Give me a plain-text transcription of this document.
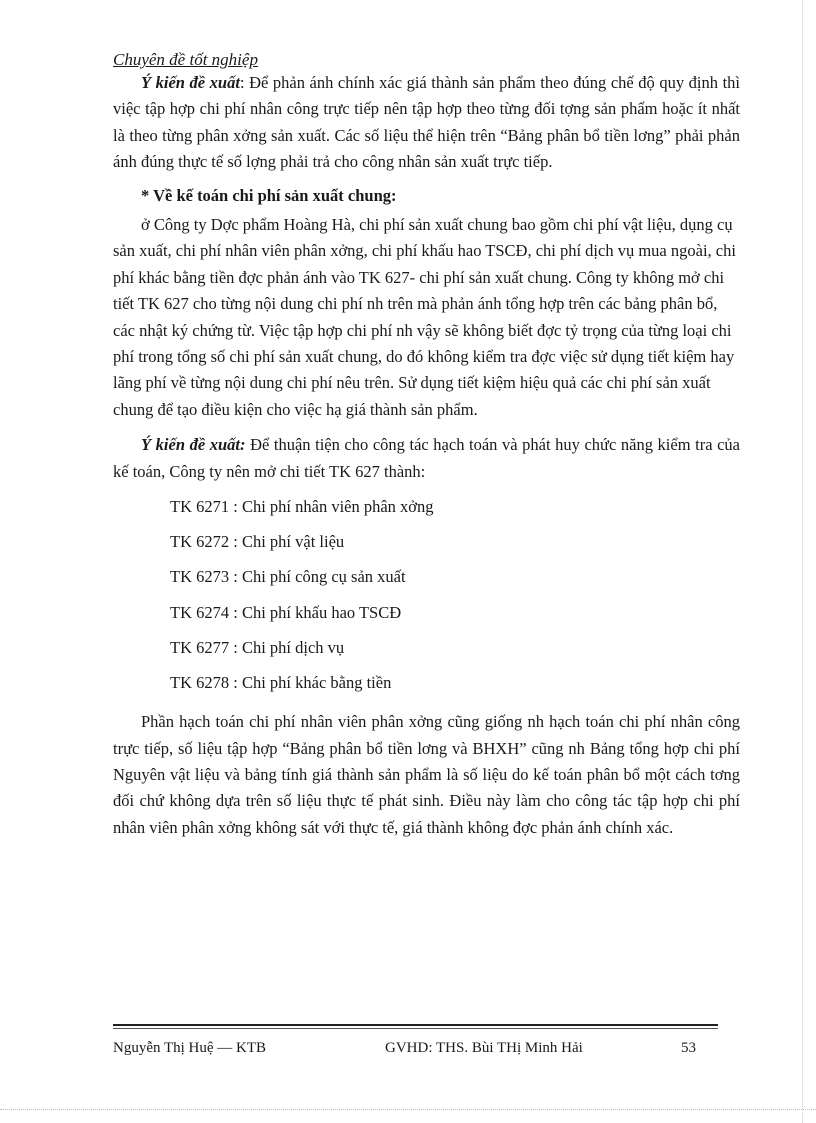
Chuyên đề tốt nghiệp

Ý kiến đề xuất: Để phản ánh chính xác giá thành sản phẩm theo đúng chế độ quy định thì việc tập hợp chi phí nhân công trực tiếp nên tập hợp theo từng đối tợng sản phẩm hoặc ít nhất là theo từng phân xởng sản xuất. Các số liệu thể hiện trên “Bảng phân bổ tiền lơng” phải phản ánh đúng thực tế số lợng phải trả cho công nhân sản xuất trực tiếp.

* Về kế toán chi phí sản xuất chung:

ở Công ty Dợc phẩm Hoàng Hà, chi phí sản xuất chung bao gồm chi phí vật liệu, dụng cụ sản xuất, chi phí nhân viên phân xởng, chi phí khấu hao TSCĐ, chi phí dịch vụ mua ngoài, chi phí khác bằng tiền đợc phản ánh vào TK 627- chi phí sản xuất chung. Công ty không mở chi tiết TK 627 cho từng nội dung chi phí nh trên mà phản ánh tổng hợp trên các bảng phân bổ, các nhật ký chứng từ. Việc tập hợp chi phí nh vậy sẽ không biết đợc tỷ trọng của từng loại chi phí trong tổng số chi phí sản xuất chung, do đó không kiểm tra đợc việc sử dụng tiết kiệm hay lãng phí về từng nội dung chi phí nêu trên. Sử dụng tiết kiệm hiệu quả các chi phí sản xuất chung để tạo điều kiện cho việc hạ giá thành sản phẩm.

Ý kiến đề xuất: Để thuận tiện cho công tác hạch toán và phát huy chức năng kiểm tra của kế toán, Công ty nên mở chi tiết TK 627 thành:

TK 6271 : Chi phí nhân viên phân xởng
TK 6272 : Chi phí vật liệu
TK 6273 : Chi phí công cụ sản xuất
TK 6274 : Chi phí khấu hao TSCĐ
TK 6277 : Chi phí dịch vụ
TK 6278 : Chi phí khác bằng tiền

Phần hạch toán chi phí nhân viên phân xởng cũng giống nh hạch toán chi phí nhân công trực tiếp, số liệu tập hợp “Bảng phân bổ tiền lơng và BHXH” cũng nh Bảng tổng hợp chi phí Nguyên vật liệu và bảng tính giá thành sản phẩm là số liệu do kế toán phân bổ một cách tơng đối chứ không dựa trên số liệu thực tế phát sinh. Điều này làm cho công tác tập hợp chi phí nhân viên phân xởng không sát với thực tế, giá thành không đợc phản ánh chính xác.

Nguyễn Thị Huệ — KTB	GVHD: THS. Bùi THị Minh Hải	53
